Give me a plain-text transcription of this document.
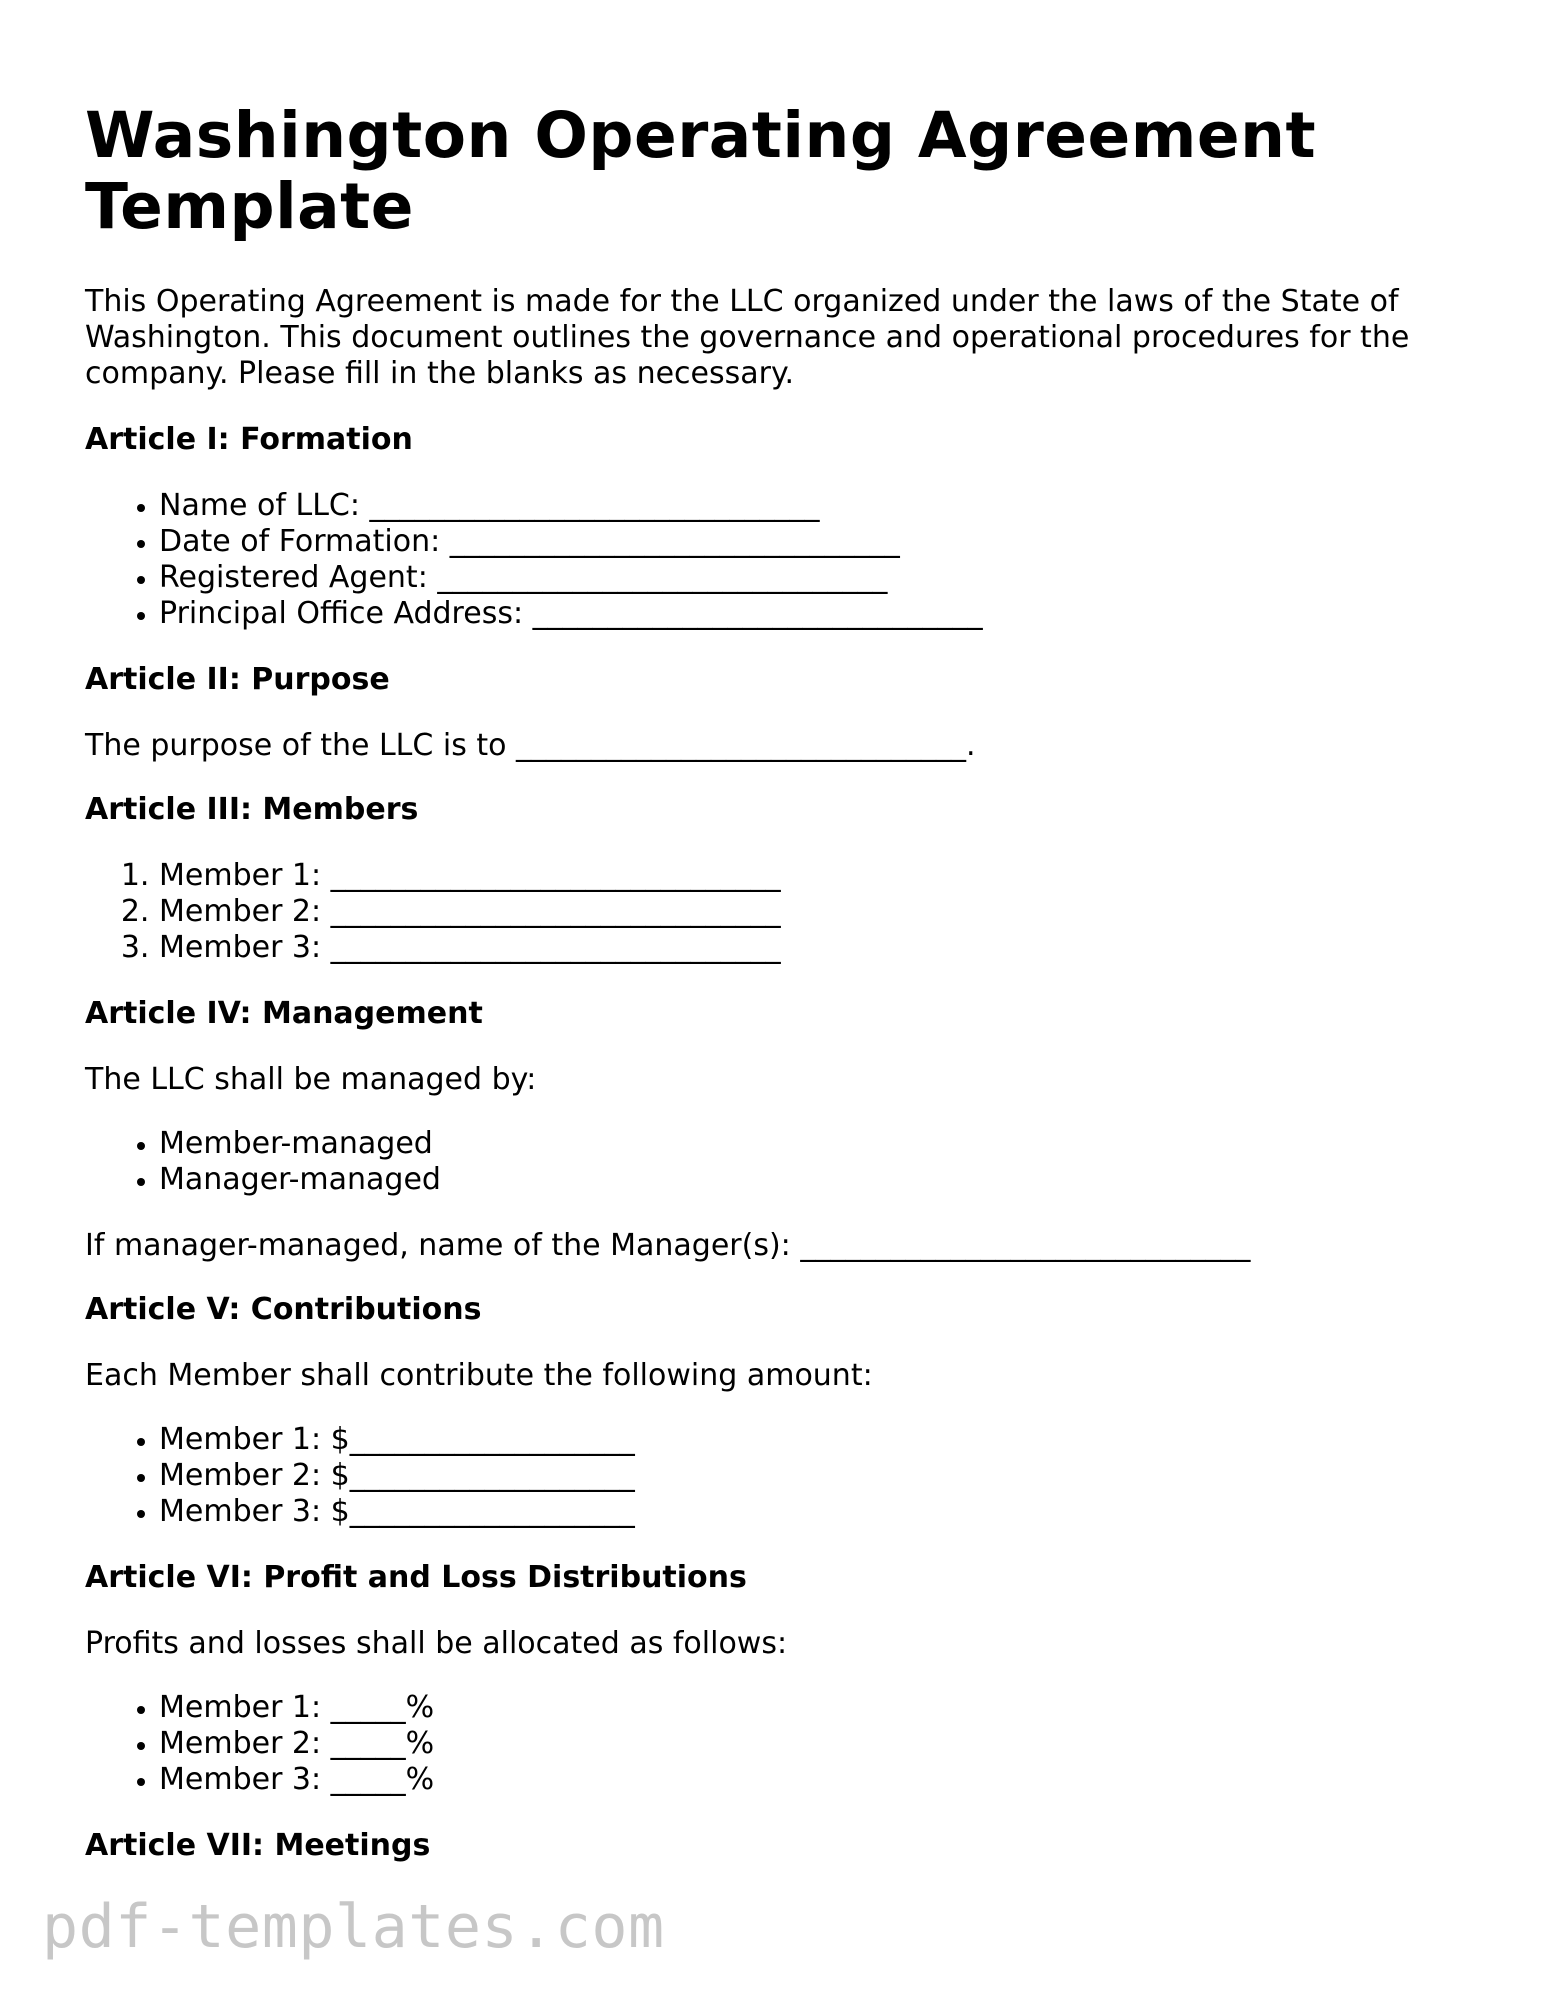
Washington Operating Agreement Template

This Operating Agreement is made for the LLC organized under the laws of the State of Washington. This document outlines the governance and operational procedures for the company. Please fill in the blanks as necessary.

Article I: Formation
• Name of LLC: ______________________________
• Date of Formation: ______________________________
• Registered Agent: ______________________________
• Principal Office Address: ______________________________
Article II: Purpose

The purpose of the LLC is to ______________________________.

Article III: Members
1. Member 1: ______________________________
2. Member 2: ______________________________
3. Member 3: ______________________________
Article IV: Management

The LLC shall be managed by:

• Member-managed
• Manager-managed

If manager-managed, name of the Manager(s): ______________________________

Article V: Contributions

Each Member shall contribute the following amount:

• Member 1: $___________________
• Member 2: $___________________
• Member 3: $___________________
Article VI: Profit and Loss Distributions

Profits and losses shall be allocated as follows:

• Member 1: _____%
• Member 2: _____%
• Member 3: _____%
Article VII: Meetings
pdf-templates.com
